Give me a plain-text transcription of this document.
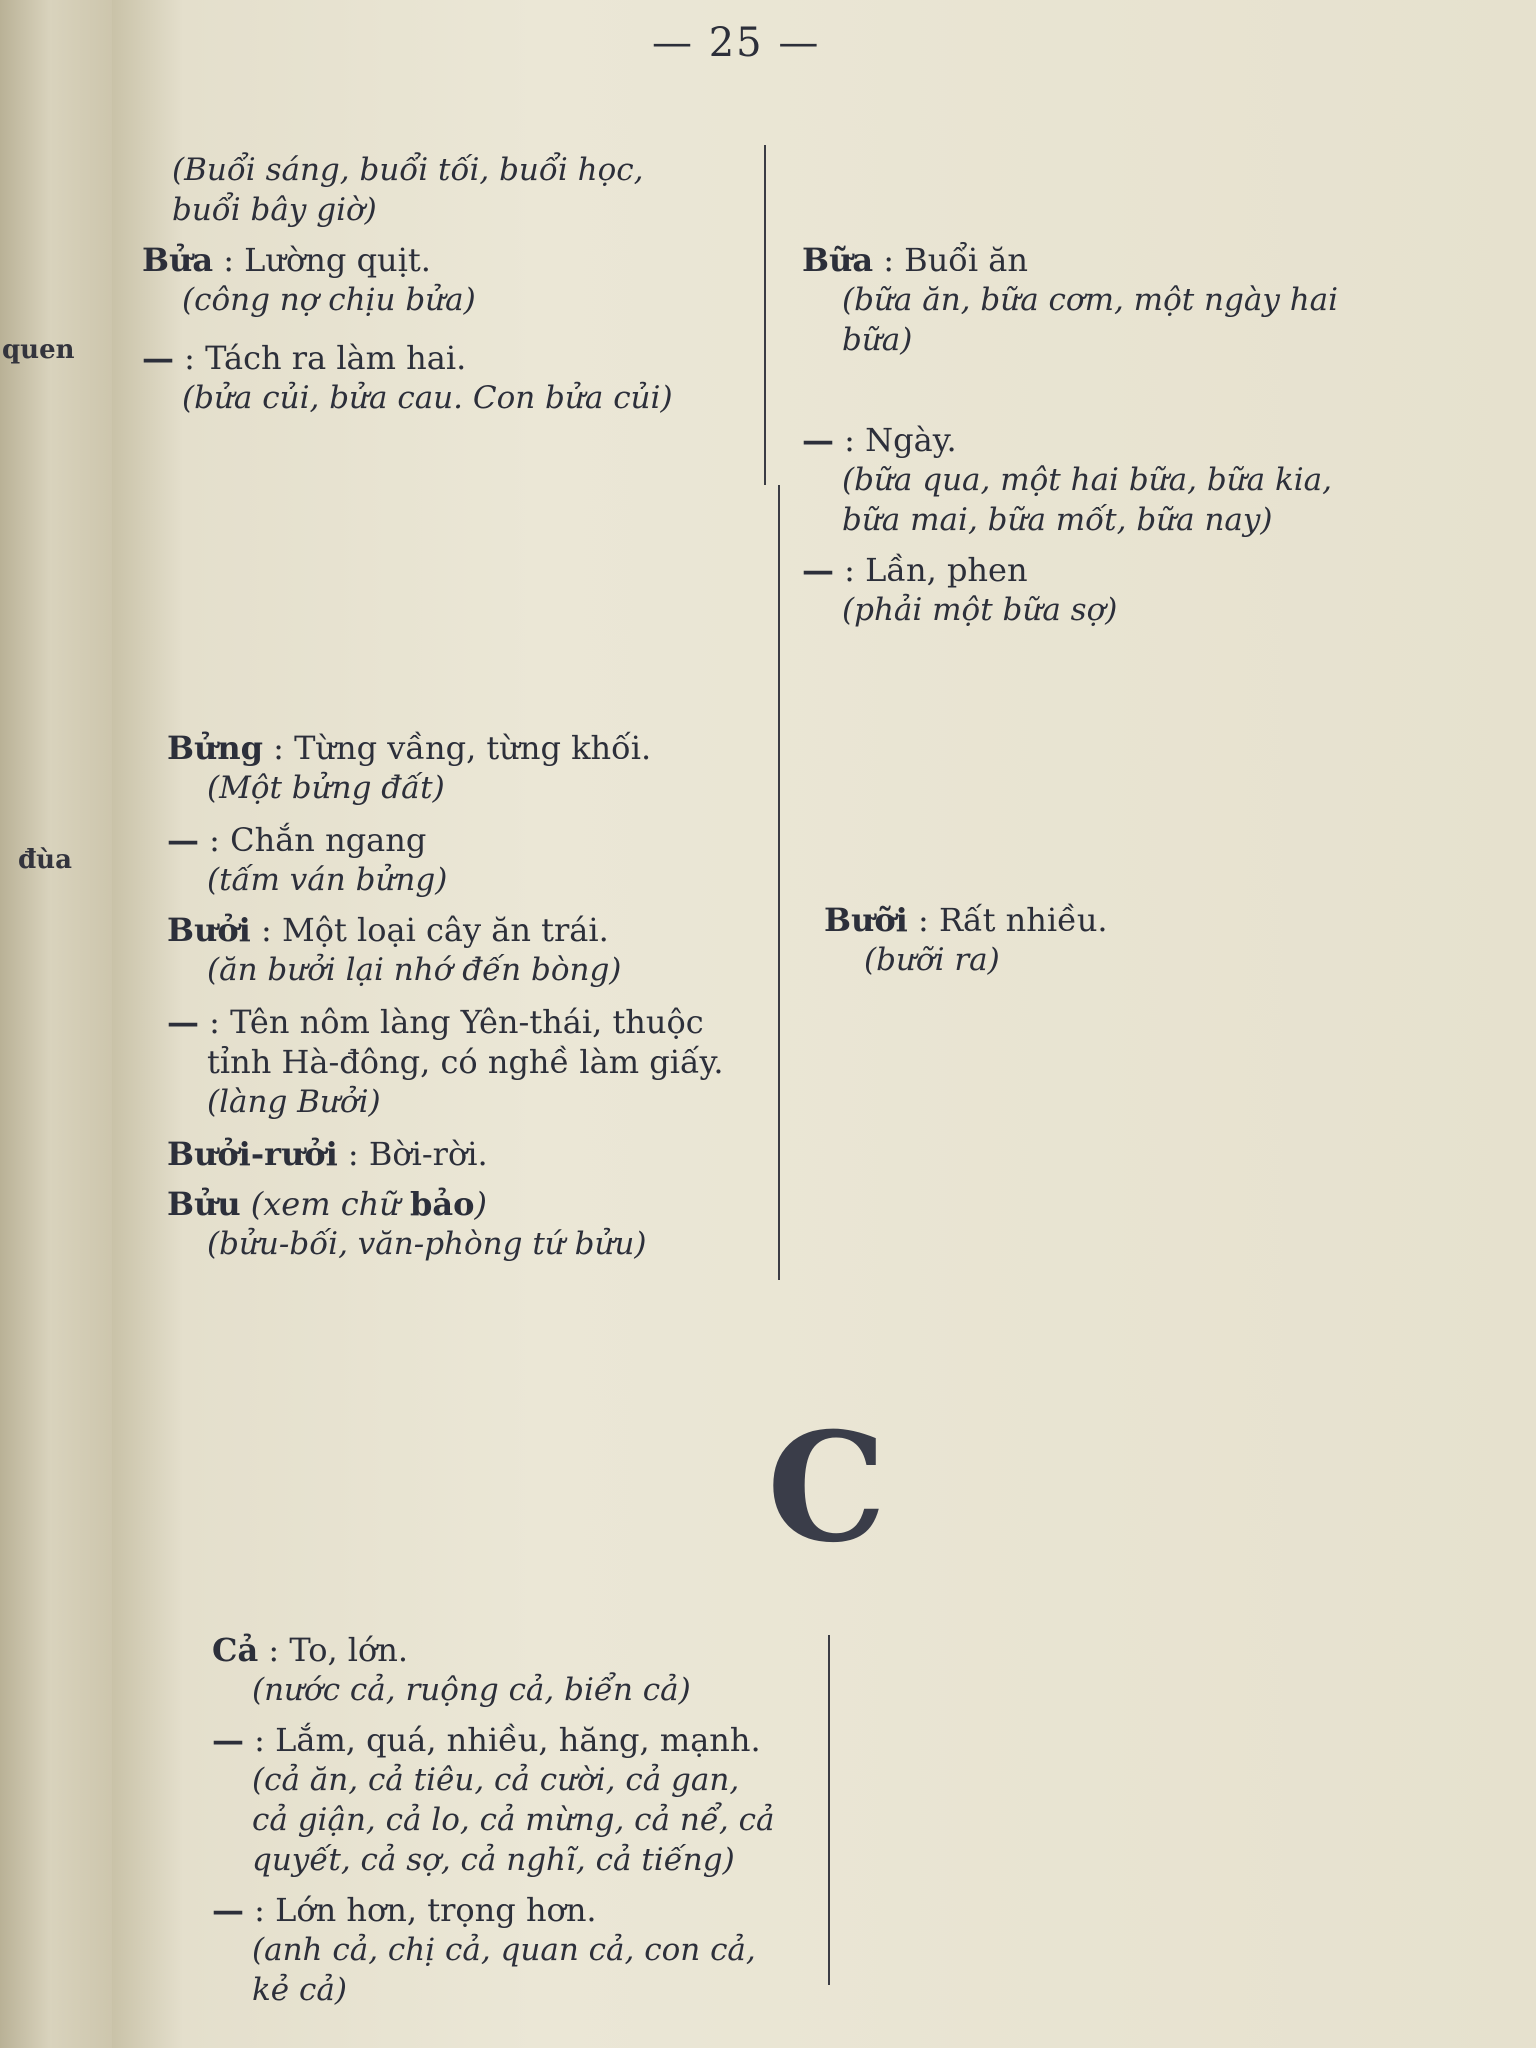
quen
đùa
— 25 —
(Buổi sáng, buổi tối, buổi học,
buổi bây giờ)
Bửa : Lường quịt.
(công nợ chịu bửa)
— : Tách ra làm hai.
(bửa củi, bửa cau. Con bửa củi)
Bữa : Buổi ăn
(bữa ăn, bữa cơm, một ngày hai
bữa)
— : Ngày.
(bữa qua, một hai bữa, bữa kia,
bữa mai, bữa mốt, bữa nay)
— : Lần, phen
(phải một bữa sợ)
Bửng : Từng vầng, từng khối.
(Một bửng đất)
— : Chắn ngang
(tấm ván bửng)
Bưởi : Một loại cây ăn trái.
(ăn bưởi lại nhớ đến bòng)
— : Tên nôm làng Yên-thái, thuộc
tỉnh Hà-đông, có nghề làm giấy.
(làng Bưởi)
Bưởi-rưởi : Bời-rời.
Bửu (xem chữ bảo)
(bửu-bối, văn-phòng tứ bửu)
Bưỡi : Rất nhiều.
(bưỡi ra)
C
Cả : To, lớn.
(nước cả, ruộng cả, biển cả)
— : Lắm, quá, nhiều, hăng, mạnh.
(cả ăn, cả tiêu, cả cười, cả gan,
cả giận, cả lo, cả mừng, cả nể, cả
quyết, cả sợ, cả nghĩ, cả tiếng)
— : Lớn hơn, trọng hơn.
(anh cả, chị cả, quan cả, con cả,
kẻ cả)
